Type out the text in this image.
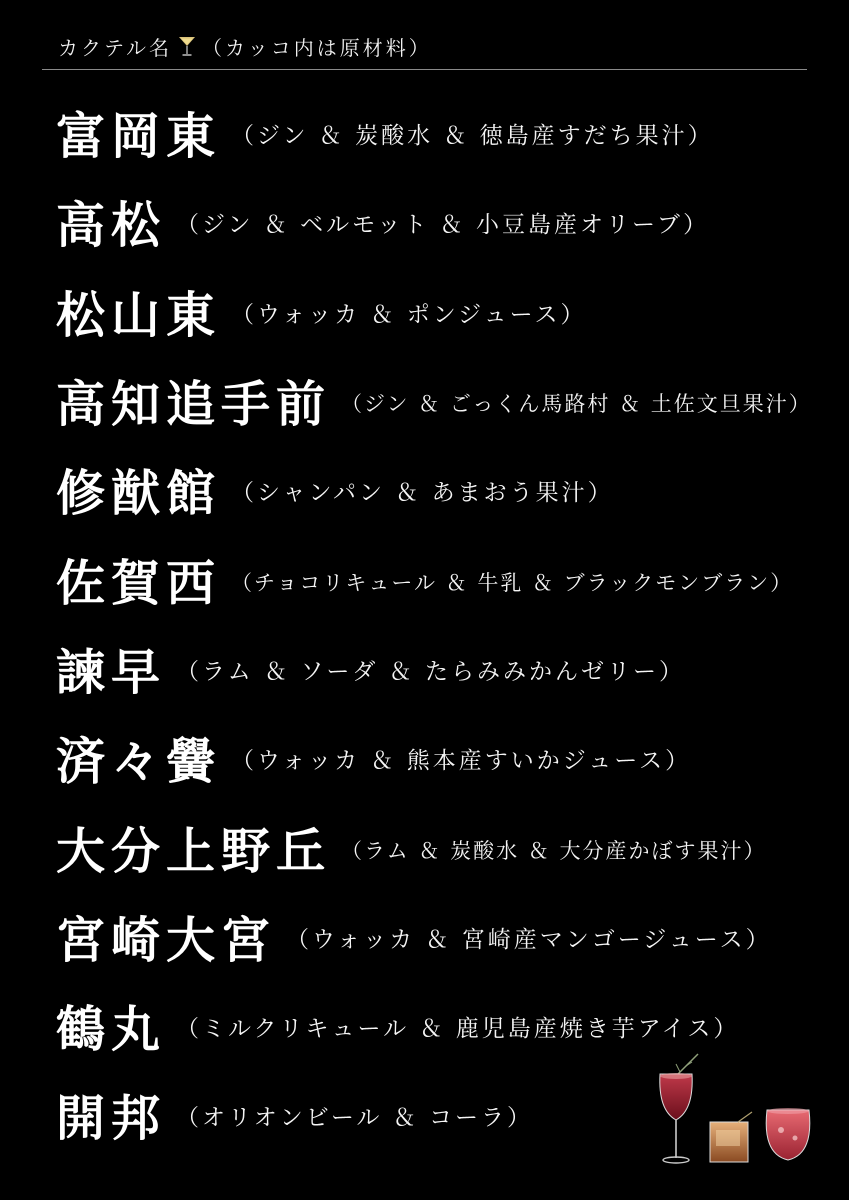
カクテル名 （カッコ内は原材料）
富岡東 （ジン ＆ 炭酸水 ＆ 徳島産すだち果汁）
高松 （ジン ＆ ベルモット ＆ 小豆島産オリーブ）
松山東 （ウォッカ ＆ ポンジュース）
高知追手前 （ジン ＆ ごっくん馬路村 ＆ 土佐文旦果汁）
修猷館 （シャンパン ＆ あまおう果汁）
佐賀西 （チョコリキュール ＆ 牛乳 ＆ ブラックモンブラン）
諫早 （ラム ＆ ソーダ ＆ たらみみかんゼリー）
済々黌 （ウォッカ ＆ 熊本産すいかジュース）
大分上野丘 （ラム ＆ 炭酸水 ＆ 大分産かぼす果汁）
宮崎大宮 （ウォッカ ＆ 宮崎産マンゴージュース）
鶴丸 （ミルクリキュール ＆ 鹿児島産焼き芋アイス）
開邦 （オリオンビール ＆ コーラ）
